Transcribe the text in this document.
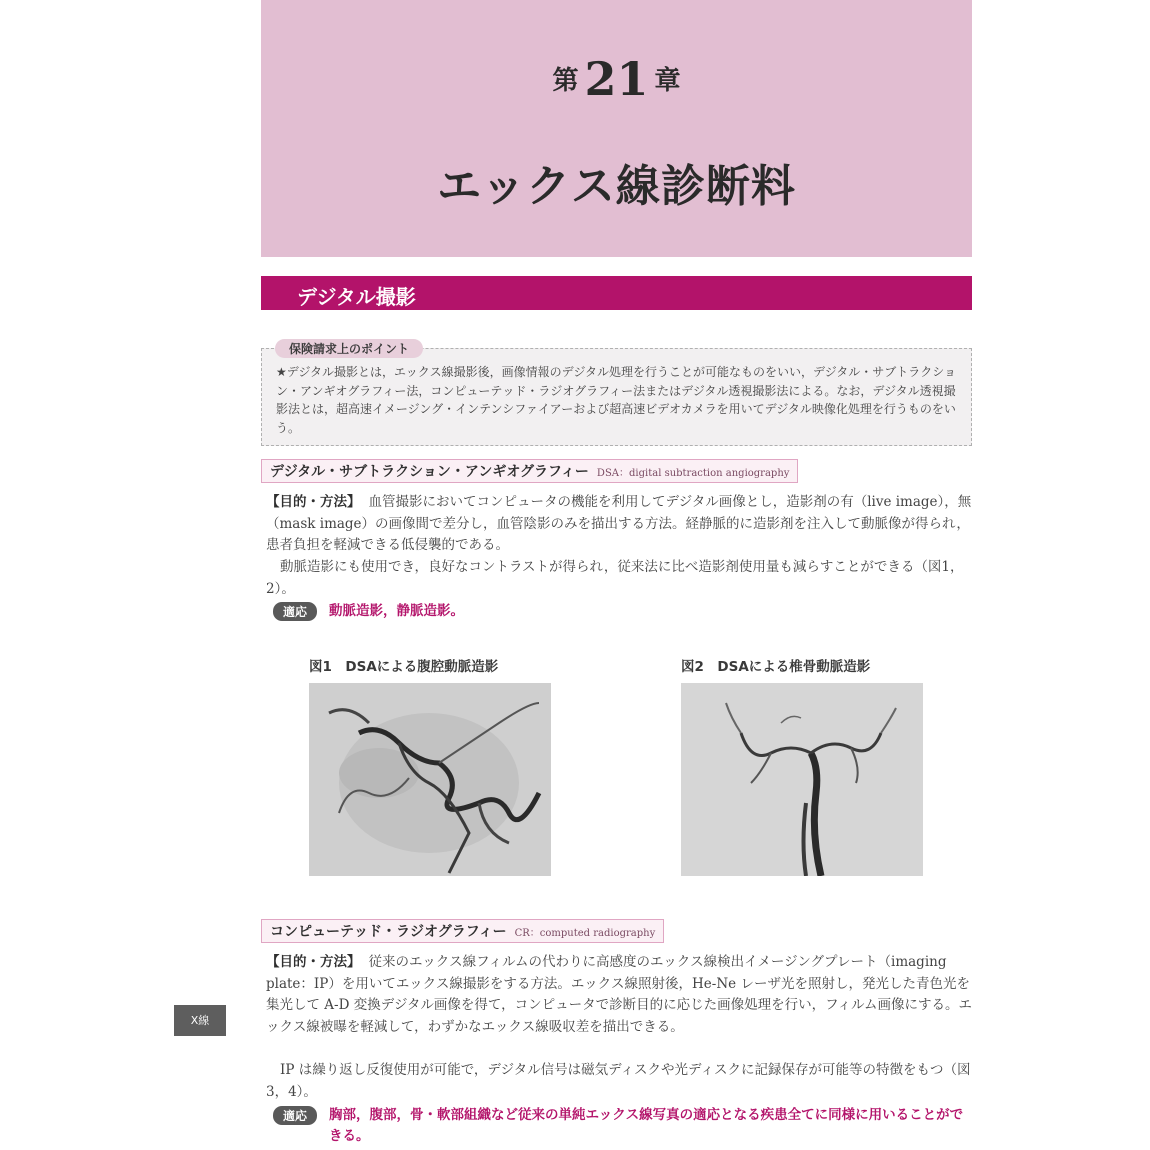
第 21 章
エックス線診断料
デジタル撮影
保険請求上のポイント
★デジタル撮影とは，エックス線撮影後，画像情報のデジタル処理を行うことが可能なものをいい，デジタル・サブトラクション・アンギオグラフィー法，コンピューテッド・ラジオグラフィー法またはデジタル透視撮影法による。なお，デジタル透視撮影法とは，超高速イメージング・インテンシファイアーおよび超高速ビデオカメラを用いてデジタル映像化処理を行うものをいう。
デジタル・サブトラクション・アンギオグラフィー DSA：digital subtraction angiography
【目的・方法】 血管撮影においてコンピュータの機能を利用してデジタル画像とし，造影剤の有（live image），無（mask image）の画像間で差分し，血管陰影のみを描出する方法。経静脈的に造影剤を注入して動脈像が得られ，患者負担を軽減できる低侵襲的である。
動脈造影にも使用でき，良好なコントラストが得られ，従来法に比べ造影剤使用量も減らすことができる（図1，2）。
適応	動脈造影，静脈造影。
図1　DSAによる腹腔動脈造影	図2　DSAによる椎骨動脈造影
コンピューテッド・ラジオグラフィー CR：computed radiography
【目的・方法】 従来のエックス線フィルムの代わりに高感度のエックス線検出イメージングプレート（imaging plate：IP）を用いてエックス線撮影をする方法。エックス線照射後，He-Ne レーザ光を照射し，発光した青色光を集光して A-D 変換デジタル画像を得て，コンピュータで診断目的に応じた画像処理を行い，フィルム画像にする。エックス線被曝を軽減して，わずかなエックス線吸収差を描出できる。
IP は繰り返し反復使用が可能で，デジタル信号は磁気ディスクや光ディスクに記録保存が可能等の特徴をもつ（図3，4）。
適応	胸部，腹部，骨・軟部組織など従来の単純エックス線写真の適応となる疾患全てに同様に用いることができる。
X線
